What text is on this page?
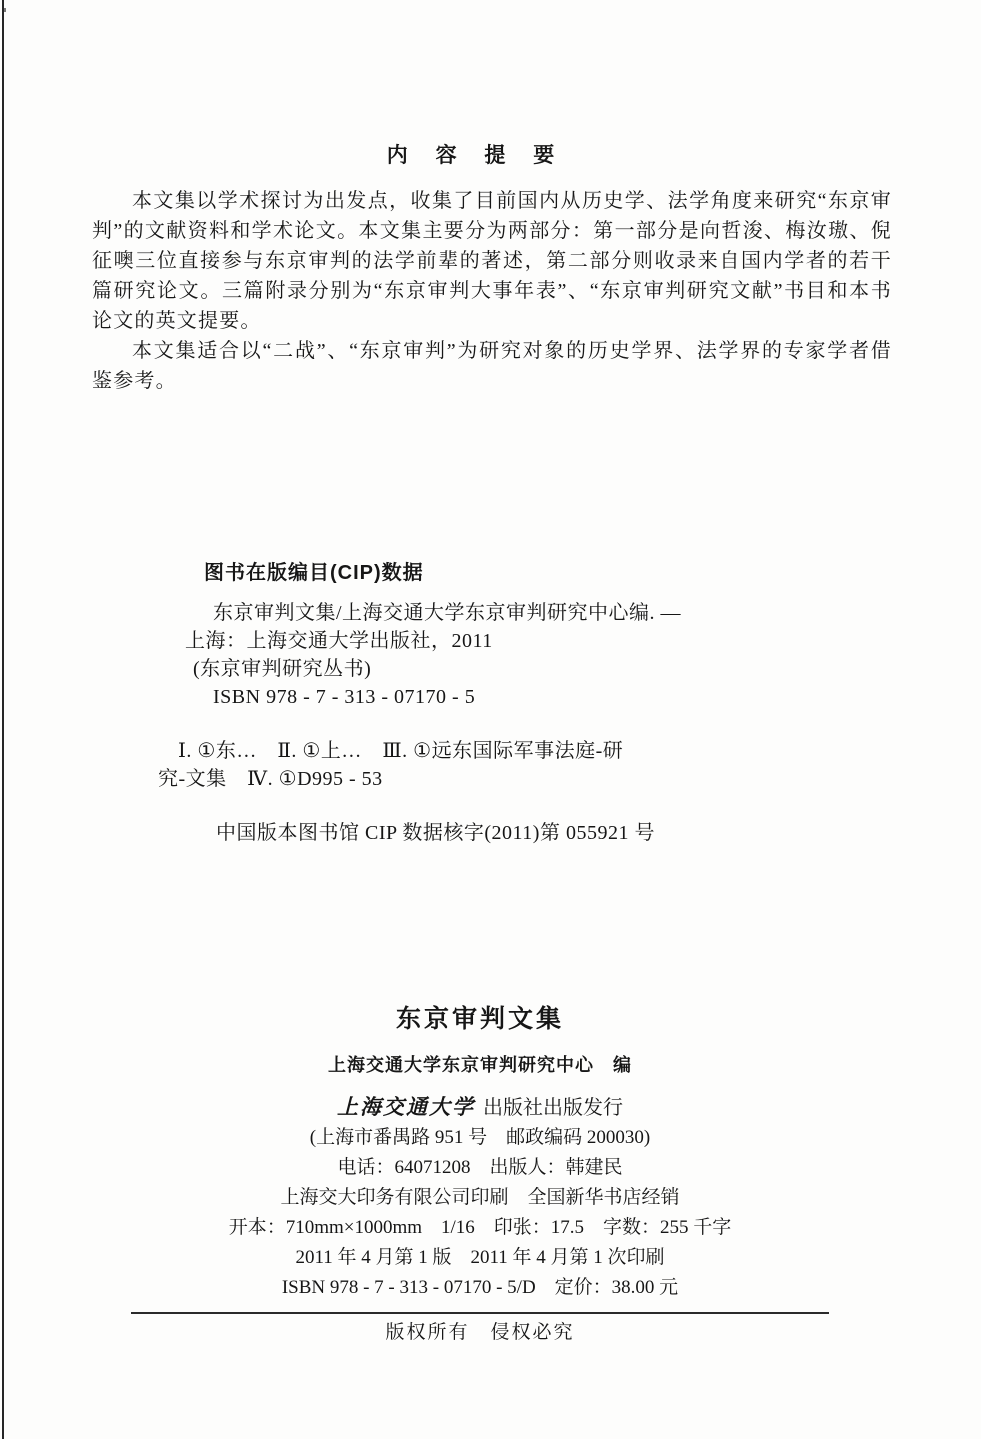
内 容 提 要

本文集以学术探讨为出发点，收集了目前国内从历史学、法学角度来研究“东京审判”的文献资料和学术论文。本文集主要分为两部分：第一部分是向哲浚、梅汝璈、倪征噢三位直接参与东京审判的法学前辈的著述，第二部分则收录来自国内学者的若干篇研究论文。三篇附录分别为“东京审判大事年表”、“东京审判研究文献”书目和本书论文的英文提要。

本文集适合以“二战”、“东京审判”为研究对象的历史学界、法学界的专家学者借鉴参考。

图书在版编目(CIP)数据
东京审判文集/上海交通大学东京审判研究中心编. —
上海：上海交通大学出版社，2011
(东京审判研究丛书)
ISBN 978 - 7 - 313 - 07170 - 5
Ⅰ. ①东…　Ⅱ. ①上…　Ⅲ. ①远东国际军事法庭-研
究-文集　Ⅳ. ①D995 - 53
中国版本图书馆 CIP 数据核字(2011)第 055921 号
东京审判文集
上海交通大学东京审判研究中心　编
上海交通大学 出版社出版发行
(上海市番禺路 951 号　邮政编码 200030)
电话：64071208　出版人：韩建民
上海交大印务有限公司印刷　全国新华书店经销
开本：710mm×1000mm　1/16　印张：17.5　字数：255 千字
2011 年 4 月第 1 版　2011 年 4 月第 1 次印刷
ISBN 978 - 7 - 313 - 07170 - 5/D　定价：38.00 元
版权所有　侵权必究
